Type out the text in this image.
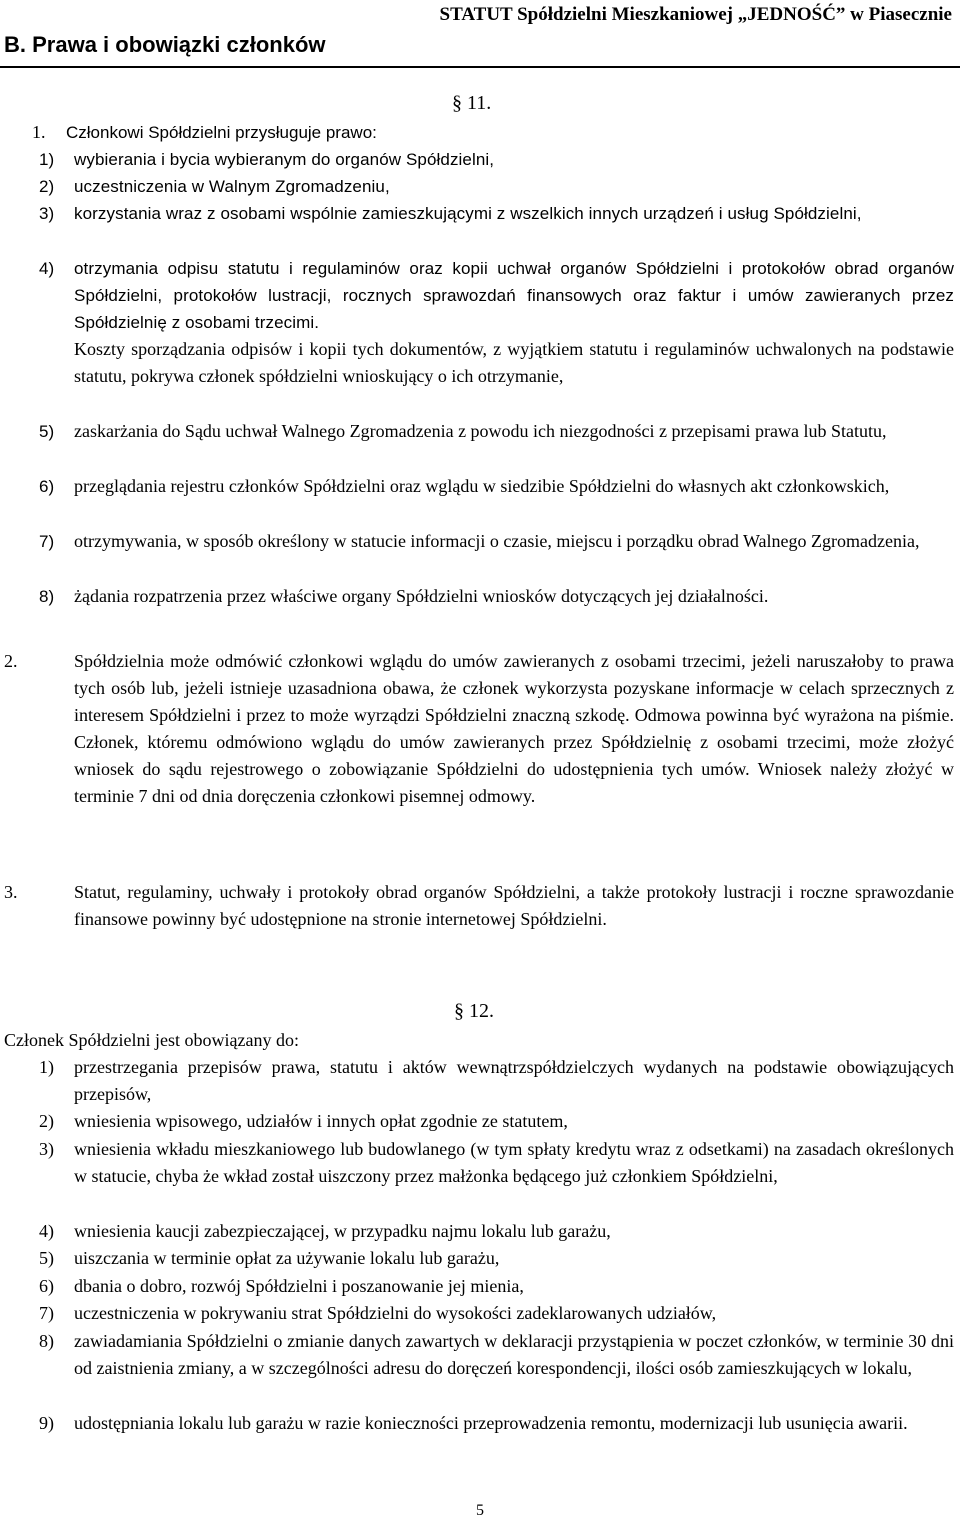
STATUT Spółdzielni Mieszkaniowej „JEDNOŚĆ” w Piasecznie
B. Prawa i obowiązki członków
§ 11.
1. Członkowi Spółdzielni przysługuje prawo:
1) wybierania i bycia wybieranym do organów Spółdzielni,
2) uczestniczenia w Walnym Zgromadzeniu,
3) korzystania wraz z osobami wspólnie zamieszkującymi z wszelkich innych urządzeń i usług Spółdzielni,
4) otrzymania odpisu statutu i regulaminów oraz kopii uchwał organów Spółdzielni i protokołów obrad organów Spółdzielni, protokołów lustracji, rocznych sprawozdań finansowych oraz faktur i umów zawieranych przez Spółdzielnię z osobami trzecimi.
Koszty sporządzania odpisów i kopii tych dokumentów, z wyjątkiem statutu i regulaminów uchwalonych na podstawie statutu, pokrywa członek spółdzielni wnioskujący o ich otrzymanie,
5) zaskarżania do Sądu uchwał Walnego Zgromadzenia z powodu ich niezgodności z przepisami prawa lub Statutu,
6) przeglądania rejestru członków Spółdzielni oraz wglądu w siedzibie Spółdzielni do własnych akt członkowskich,
7) otrzymywania, w sposób określony w statucie informacji o czasie, miejscu i porządku obrad Walnego Zgromadzenia,
8) żądania rozpatrzenia przez właściwe organy Spółdzielni wniosków dotyczących jej działalności.
2.	Spółdzielnia może odmówić członkowi wglądu do umów zawieranych z osobami trzecimi, jeżeli naruszałoby to prawa tych osób lub, jeżeli istnieje uzasadniona obawa, że członek wykorzysta pozyskane informacje w celach sprzecznych z interesem Spółdzielni i przez to może wyrządzi Spółdzielni znaczną szkodę. Odmowa powinna być wyrażona na piśmie. Członek, któremu odmówiono wglądu do umów zawieranych przez Spółdzielnię z osobami trzecimi, może złożyć wniosek do sądu rejestrowego o zobowiązanie Spółdzielni do udostępnienia tych umów. Wniosek należy złożyć w terminie 7 dni od dnia doręczenia członkowi pisemnej odmowy.
3.	Statut, regulaminy, uchwały i protokoły obrad organów Spółdzielni, a także protokoły lustracji i roczne sprawozdanie finansowe powinny być udostępnione na stronie internetowej Spółdzielni.
§ 12.
Członek Spółdzielni jest obowiązany do:
1) przestrzegania przepisów prawa, statutu i aktów wewnątrzspółdzielczych wydanych na podstawie obowiązujących przepisów,
2) wniesienia wpisowego, udziałów i innych opłat zgodnie ze statutem,
3) wniesienia wkładu mieszkaniowego lub budowlanego (w tym spłaty kredytu wraz z odsetkami) na zasadach określonych w statucie, chyba że wkład został uiszczony przez małżonka będącego już członkiem Spółdzielni,
4) wniesienia kaucji zabezpieczającej, w przypadku najmu lokalu lub garażu,
5) uiszczania w terminie opłat za używanie lokalu lub garażu,
6) dbania o dobro, rozwój Spółdzielni i poszanowanie jej mienia,
7) uczestniczenia w pokrywaniu strat Spółdzielni do wysokości zadeklarowanych udziałów,
8) zawiadamiania Spółdzielni o zmianie danych zawartych w deklaracji przystąpienia w poczet członków, w terminie 30 dni od zaistnienia zmiany, a w szczególności adresu do doręczeń korespondencji, ilości osób zamieszkujących w lokalu,
9) udostępniania lokalu lub garażu w razie konieczności przeprowadzenia remontu, modernizacji lub usunięcia awarii.
5
